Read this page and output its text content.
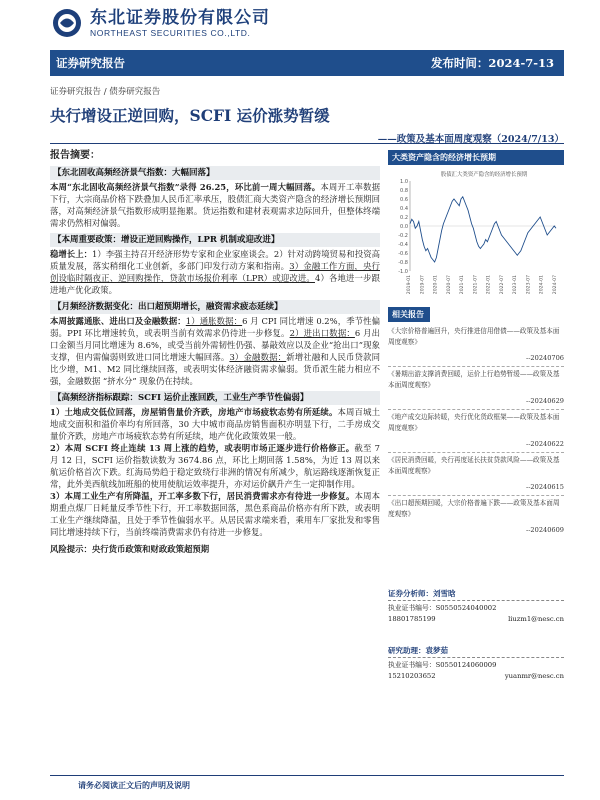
东北证券股份有限公司
NORTHEAST SECURITIES CO.,LTD.
证券研究报告	发布时间：2024-7-13
证券研究报告 / 债券研究报告
央行增设正逆回购，SCFI 运价涨势暂缓
——政策及基本面周度观察（2024/7/13）
报告摘要：
【东北固收高频经济景气指数：大幅回落】
本周“东北固收高频经济景气指数”录得 26.25，环比前一周大幅回落。本周开工率数据下行，大宗商品价格下跌叠加人民币汇率承压，股债汇商大类资产隐含的经济增长预期回落，对高频经济景气指数形成明显拖累。货运指数和建材表观需求边际回升，但整体终端需求仍然相对偏弱。
【本周重要政策：增设正逆回购操作，LPR 机制或迎改进】
稳增长上：1）李强主持召开经济形势专家和企业家座谈会。2）针对动跨境贸易和投资高质量发展，落实稍细化工业创新，多部门印发行动方案和指南。3）金融工作方面，央行创设临时隔夜正、逆回购操作，贷款市场报价利率（LPR）或迎改进。4）各地进一步跟进地产优化政策。
【月频经济数据变化：出口超预期增长，融资需求疲态延续】
本周披露通胀、进出口及金融数据：1）通胀数据：6 月 CPI 同比增速 0.2%，季节性偏弱。PPI 环比增速转负，或表明当前有效需求仍待进一步修复。2）进出口数据：6 月出口金额当月同比增速为 8.6%，或受当前外需韧性仍强、暴敲效应以及企业“抢出口”现象支撑，但内需偏弱则致进口同比增速大幅回落。3）金融数据：新增社融和人民币贷款同比少增，M1、M2 同比继续回落，或表明实体经济融资需求偏弱。货币派生能力相应不强，金融数据 “挤水分” 现象仍在持续。
【高频经济指标跟踪：SCFI 运价止涨回跌，工业生产季节性偏弱】
1）土地成交低位回落，房屋销售量价齐跌，房地产市场疲软态势有所延续。本周百城土地成交面积和溢价率均有所回落，30 大中城市商品房销售面积亦明显下行，二手房成交量价齐跌，房地产市场疲软态势有所延续，地产优化政策效果一般。
2）本周 SCFI 终止连续 13 周上涨的趋势，或表明市场正逐步进行价格修正。截至 7 月 12 日，SCFI 运价指数读数为 3674.86 点，环比上期回落 1.58%，为近 13 周以来航运价格首次下跌。红海局势趋于稳定致绕行非洲的情况有所减少，航运路线逐渐恢复正常，此外美西航线加班船的使用使航运效率提升，亦对运价飙升产生一定抑制作用。
3）本周工业生产有所降温，开工率多数下行，居民消费需求亦有待进一步修复。本周本期重点煤厂日耗量反季节性下行，开工率数据回落，黑色系商品价格亦有所下跌，或表明工业生产继续降温，且处于季节性偏弱水平。从居民需求端来看，乘用车厂家批发和零售同比增速持续下行，当前终端消费需求仍有待进一步修复。
风险提示：央行货币政策和财政政策超预期
大类资产隐含的经济增长预期
股债汇大类资产隐含的经济增长预期
1.0
0.8
0.6
0.4
0.2
0.0
-0.2
-0.4
-0.6
-0.8
-1.0
2019-01 2019-07 2020-01 2020-07 2021-01 2021-07 2022-01 2022-07 2023-01 2023-07 2024-01 2024-07
相关报告
《大宗价格普遍回升，央行推进信用借债——政策及基本面周度观察》
--20240706
《暑期出游支撑消费回暖，运价上行趋势暂缓——政策及基本面周度观察》
--20240629
《地产成交边际转暖，央行优化货政框架——政策及基本面周度观察》
--20240622
《居民消费回暖，央行再度延长扶贫贷款风险——政策及基本面周度观察》
--20240615
《出口超预期回暖，大宗价格普遍下跌——政策及基本面周度观察》
--20240609
证券分析师：刘雪晗
执业证书编号：S0550524040002
18801785199	liuzm1@nesc.cn
研究助理：袁梦茹
执业证书编号：S0550124060009
15210203652	yuanmr@nesc.cn
请务必阅读正文后的声明及说明
